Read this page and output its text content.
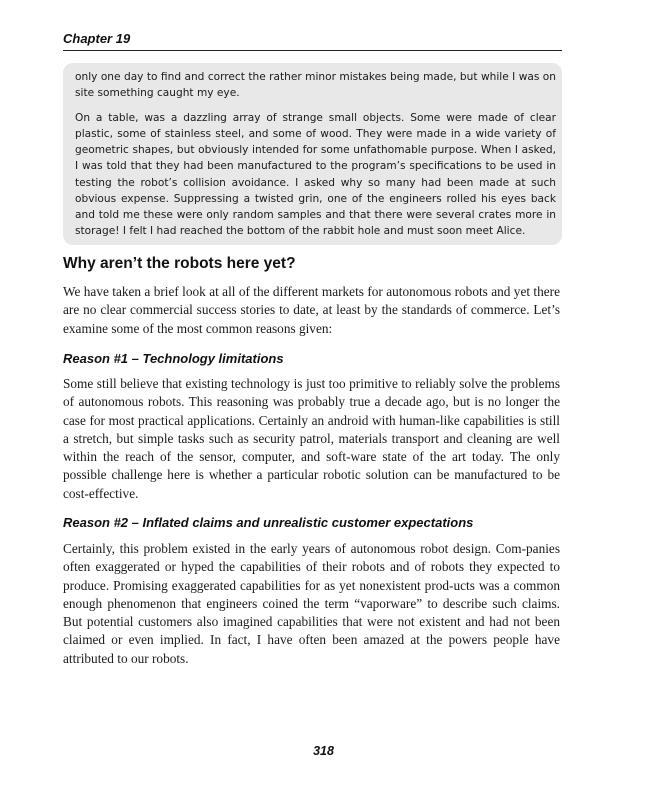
Chapter 19

only one day to find and correct the rather minor mistakes being made, but while I was on site something caught my eye.

On a table, was a dazzling array of strange small objects. Some were made of clear plastic, some of stainless steel, and some of wood. They were made in a wide variety of geometric shapes, but obviously intended for some unfathomable purpose. When I asked, I was told that they had been manufactured to the program’s specifications to be used in testing the robot’s collision avoidance. I asked why so many had been made at such obvious expense. Suppressing a twisted grin, one of the engineers rolled his eyes back and told me these were only random samples and that there were several crates more in storage! I felt I had reached the bottom of the rabbit hole and must soon meet Alice.

Why aren’t the robots here yet?

We have taken a brief look at all of the different markets for autonomous robots and yet there are no clear commercial success stories to date, at least by the standards of commerce. Let’s examine some of the most common reasons given:

Reason #1 – Technology limitations

Some still believe that existing technology is just too primitive to reliably solve the problems of autonomous robots. This reasoning was probably true a decade ago, but is no longer the case for most practical applications. Certainly an android with human-like capabilities is still a stretch, but simple tasks such as security patrol, materials transport and cleaning are well within the reach of the sensor, computer, and soft-ware state of the art today. The only possible challenge here is whether a particular robotic solution can be manufactured to be cost-effective.

Reason #2 – Inflated claims and unrealistic customer expectations

Certainly, this problem existed in the early years of autonomous robot design. Com-panies often exaggerated or hyped the capabilities of their robots and of robots they expected to produce. Promising exaggerated capabilities for as yet nonexistent prod-ucts was a common enough phenomenon that engineers coined the term “vaporware” to describe such claims. But potential customers also imagined capabilities that were not existent and had not been claimed or even implied. In fact, I have often been amazed at the powers people have attributed to our robots.

318
